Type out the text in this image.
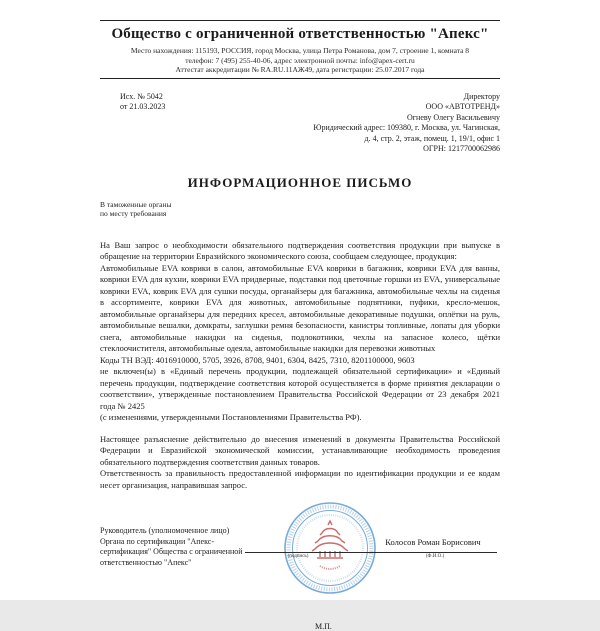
Общество с ограниченной ответственностью "Апекс"
Место нахождения: 115193, РОССИЯ, город Москва, улица Петра Романова, дом 7, строение 1, комната 8
телефон: 7 (495) 255-40-06, адрес электронной почты: info@apex-cert.ru
Аттестат аккредитации № RA.RU.11АЖ49, дата регистрации: 25.07.2017 года
Исх. № 5042
от 21.03.2023
Директору
ООО «АВТОТРЕНД»
Огневу Олегу Васильевичу
Юридический адрес: 109380, г. Москва, ул. Чагинская,
д. 4, стр. 2, этаж, помещ. 1, 19/1, офис 1
ОГРН: 1217700062986
ИНФОРМАЦИОННОЕ ПИСЬМО
В таможенные органы
по месту требования

На Ваш запрос о необходимости обязательного подтверждения соответствия продукции при выпуске в обращение на территории Евразийского экономического союза, сообщаем следующее, продукция:

Автомобильные EVA коврики в салон, автомобильные EVA коврики в багажник, коврики EVA для ванны, коврики EVA для кухни, коврики EVA придверные, подставки под цветочные горшки из EVA, универсальные коврики EVA, коврик EVA для сушки посуды, органайзеры для багажника, автомобильные чехлы на сиденья в ассортименте, коврики EVA для животных, автомобильные подпятники, пуфики, кресло-мешок, автомобильные органайзеры для передних кресел, автомобильные декоративные подушки, оплётки на руль, автомобильные вешалки, домкраты, заглушки ремня безопасности, канистры топливные, лопаты для уборки снега, автомобильные накидки на сиденья, подлокотники, чехлы на запасное колесо, щётки стеклоочистителя, автомобильные одеяла, автомобильные накидки для перевозки животных

Коды ТН ВЭД: 4016910000, 5705, 3926, 8708, 9401, 6304, 8425, 7310, 8201100000, 9603

не включен(ы) в «Единый перечень продукции, подлежащей обязательной сертификации» и «Единый перечень продукции, подтверждение соответствия которой осуществляется в форме принятия декларации о соответствии», утвержденные постановлением Правительства Российской Федерации от 23 декабря 2021 года № 2425

(с изменениями, утвержденными Постановлениями Правительства РФ).

Настоящее разъяснение действительно до внесения изменений в документы Правительства Российской Федерации и Евразийской экономической комиссии, устанавливающие необходимость проведения обязательного подтверждения соответствия данных товаров.

Ответственность за правильность предоставленной информации по идентификации продукции и ее кодам несет организация, направившая запрос.

Руководитель (уполномоченное лицо)
Органа по сертификации "Апекс-
сертификация" Общества с ограниченной
ответственностью "Апекс"
(подпись)
Колосов Роман Борисович
(Ф.И.О.)
М.П.
